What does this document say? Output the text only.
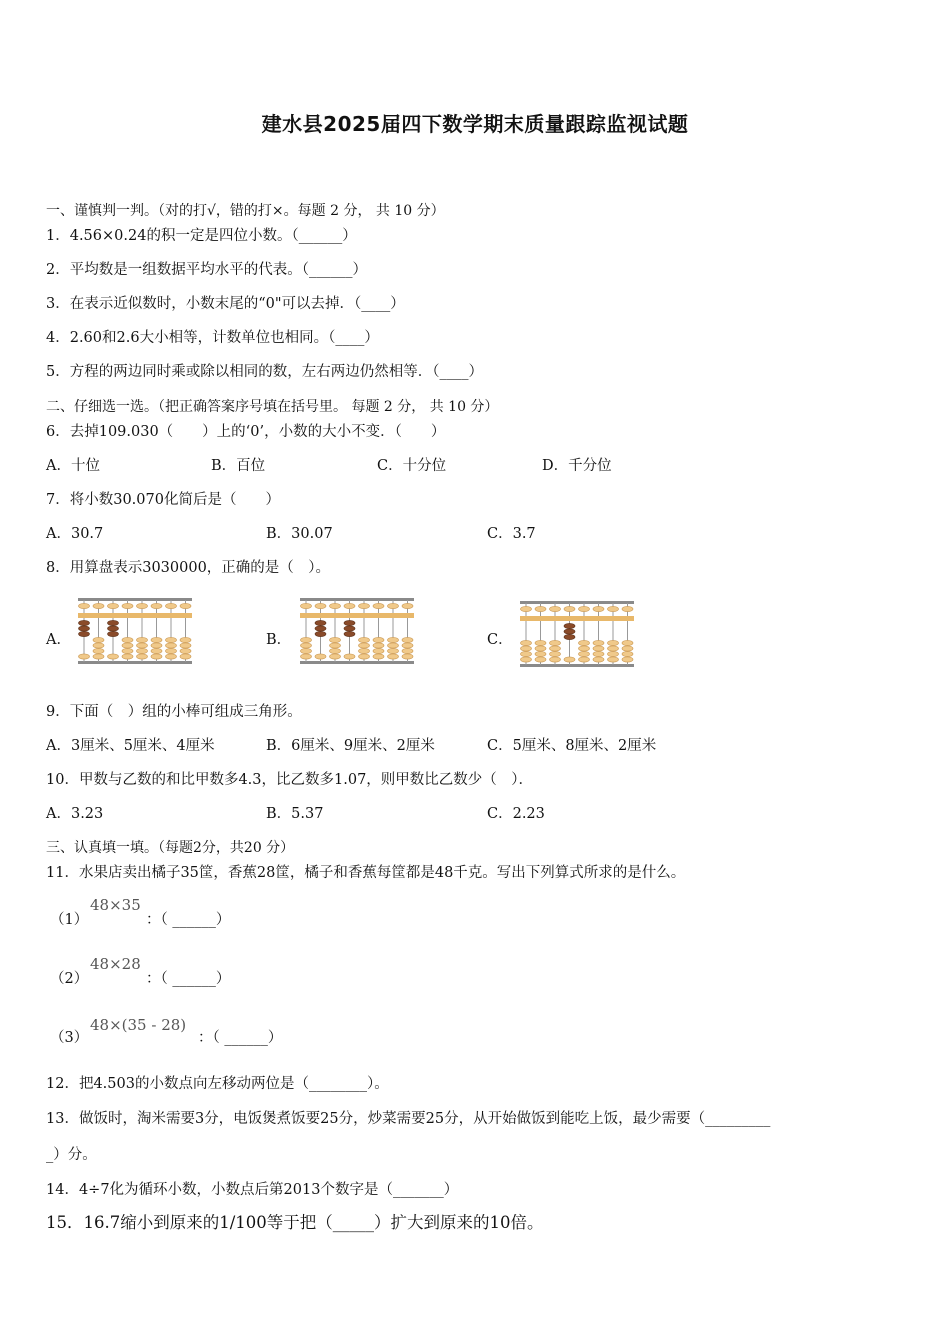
建水县2025届四下数学期末质量跟踪监视试题
一、谨慎判一判。（对的打√，错的打×。每题 2 分， 共 10 分）
1．4.56×0.24的积一定是四位小数。（______）
2．平均数是一组数据平均水平的代表。（______）
3．在表示近似数时，小数末尾的“0"可以去掉．（____）
4．2.60和2.6大小相等，计数单位也相同。（____）
5．方程的两边同时乘或除以相同的数，左右两边仍然相等．（____）
二、仔细选一选。（把正确答案序号填在括号里。 每题 2 分， 共 10 分）
6．去掉109.030（　　）上的‘0’，小数的大小不变．（　　）
A．十位	B．百位	C．十分位	D．千分位
7．将小数30.070化简后是（　　）
A．30.7	B．30.07	C．3.7
8．用算盘表示3030000，正确的是（　）。
A．	B．	C．
9．下面（　）组的小棒可组成三角形。
A．3厘米、5厘米、4厘米	B．6厘米、9厘米、2厘米	C．5厘米、8厘米、2厘米
10．甲数与乙数的和比甲数多4.3，比乙数多1.07，则甲数比乙数少（　）．
A．3.23	B．5.37	C．2.23
三、认真填一填。（每题2分，共20 分）
11．水果店卖出橘子35筐，香蕉28筐，橘子和香蕉每筐都是48千克。写出下列算式所求的是什么。
（1）
48×35
：（ ______）
（2）
48×28
：（ ______）
（3）
48×(35 - 28)
：（ ______）
12．把4.503的小数点向左移动两位是（________）。
13．做饭时，淘米需要3分，电饭煲煮饭要25分，炒菜需要25分，从开始做饭到能吃上饭，最少需要（_________
_）分。
14．4÷7化为循环小数，小数点后第2013个数字是（_______）
15．16.7缩小到原来的1/100等于把（_____）扩大到原来的10倍。
